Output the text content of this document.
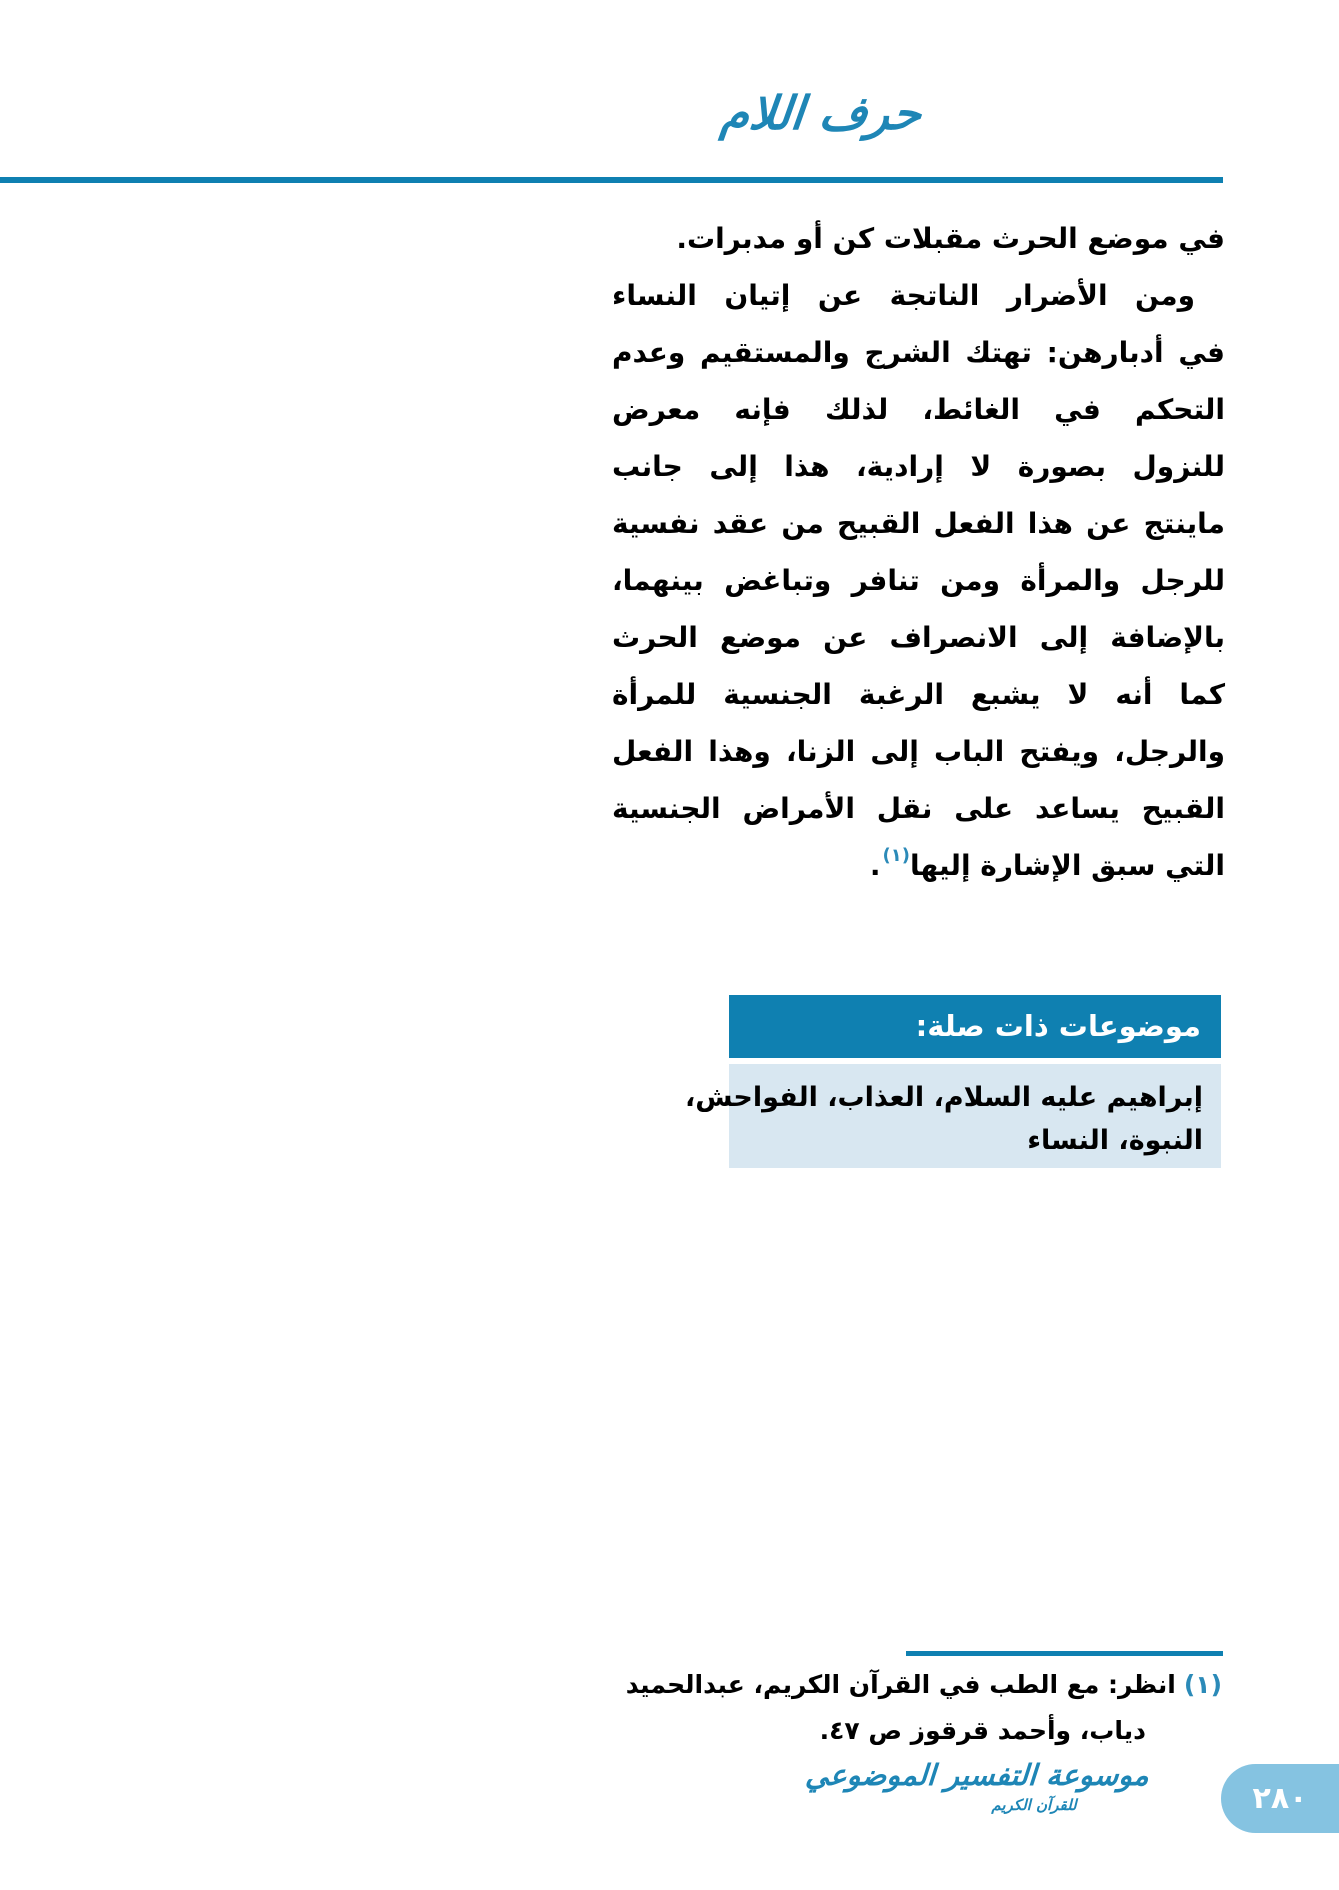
حرف اللام
في موضع الحرث مقبلات كن أو مدبرات.
ومن الأضرار الناتجة عن إتيان النساء
في أدبارهن: تهتك الشرج والمستقيم وعدم
التحكم في الغائط، لذلك فإنه معرض
للنزول بصورة لا إرادية، هذا إلى جانب
ماينتج عن هذا الفعل القبيح من عقد نفسية
للرجل والمرأة ومن تنافر وتباغض بينهما،
بالإضافة إلى الانصراف عن موضع الحرث
كما أنه لا يشبع الرغبة الجنسية للمرأة
والرجل، ويفتح الباب إلى الزنا، وهذا الفعل
القبيح يساعد على نقل الأمراض الجنسية
التي سبق الإشارة إليها$^{(١)}$.
موضوعات ذات صلة:
إبراهيم عليه السلام، العذاب، الفواحش،
النبوة، النساء
(١)انظر: مع الطب في القرآن الكريم، عبدالحميد
دياب، وأحمد قرقوز ص ٤٧.
موسوعة التفسير الموضوعي
للقرآن الكريم	٢٨٠
